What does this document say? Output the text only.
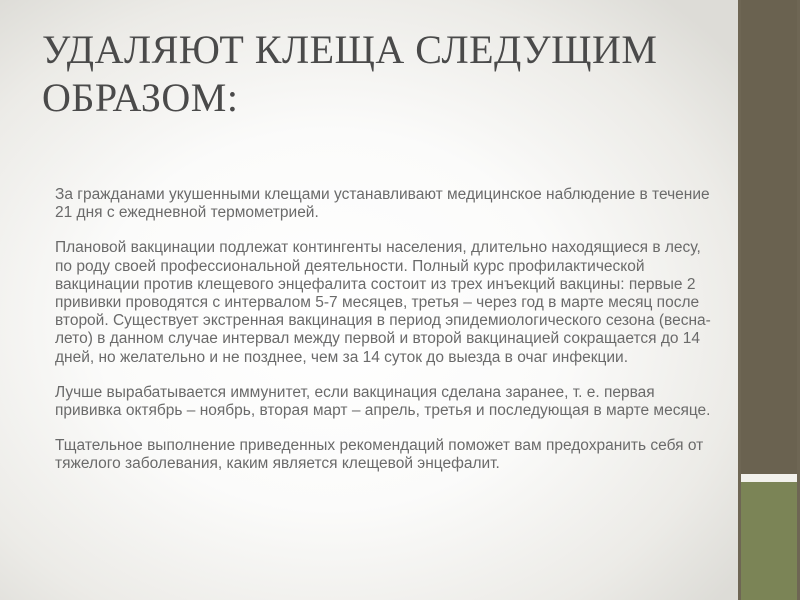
УДАЛЯЮТ КЛЕЩА СЛЕДУЩИМ ОБРАЗОМ:

За гражданами укушенными клещами устанавливают медицинское наблюдение в течение 21 дня с ежедневной термометрией.

Плановой вакцинации подлежат контингенты населения, длительно находящиеся в лесу, по роду своей профессиональной деятельности. Полный курс профилактической вакцинации против клещевого энцефалита состоит из трех инъекций вакцины: первые 2 прививки проводятся с интервалом 5-7 месяцев, третья – через год в марте месяц после второй. Существует экстренная вакцинация в период эпидемиологического сезона (весна-лето) в данном случае интервал между первой и второй вакцинацией сокращается до 14 дней, но желательно и не позднее, чем за 14 суток до выезда в очаг инфекции.

Лучше вырабатывается иммунитет, если вакцинация сделана заранее, т. е. первая прививка октябрь – ноябрь, вторая март – апрель, третья и последующая в марте месяце.

Тщательное выполнение приведенных рекомендаций поможет вам предохранить себя от тяжелого заболевания, каким является клещевой энцефалит.
